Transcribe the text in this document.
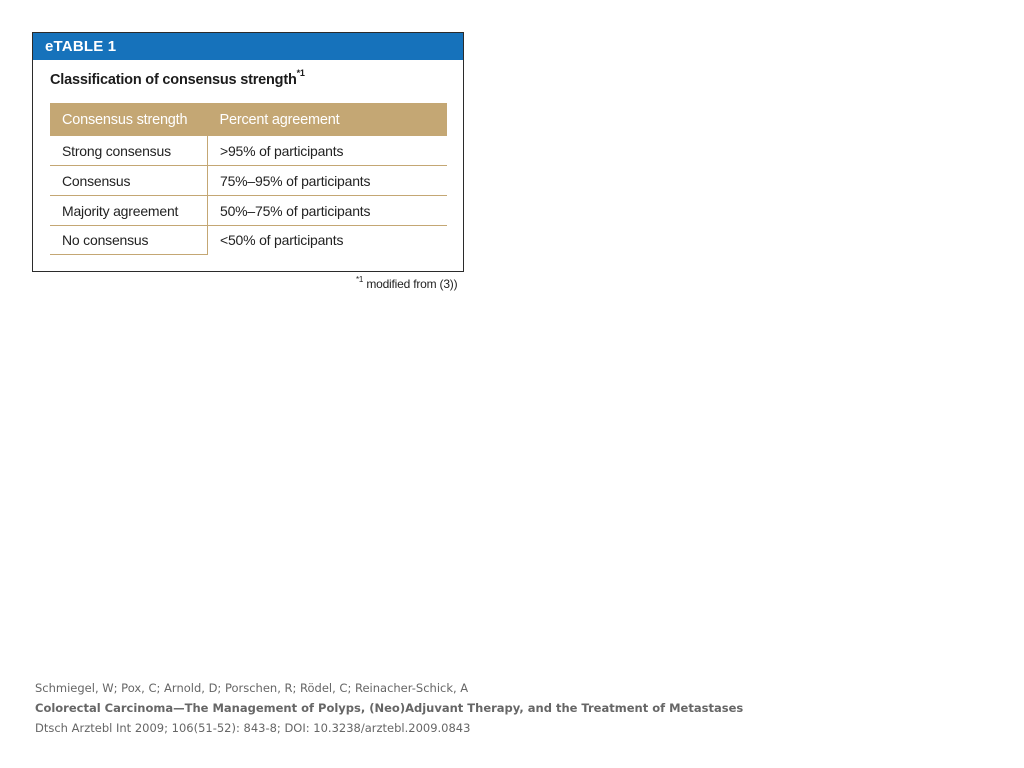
eTABLE 1
Classification of consensus strength$^{*1}$
Consensus strength	Percent agreement
Strong consensus	>95% of participants
Consensus	75%–95% of participants
Majority agreement	50%–75% of participants
No consensus	<50% of participants
$^{*1}$ modified from (3))
Schmiegel, W; Pox, C; Arnold, D; Porschen, R; Rödel, C; Reinacher-Schick, A
Colorectal Carcinoma—The Management of Polyps, (Neo)Adjuvant Therapy, and the Treatment of Metastases
Dtsch Arztebl Int 2009; 106(51-52): 843-8; DOI: 10.3238/arztebl.2009.0843
